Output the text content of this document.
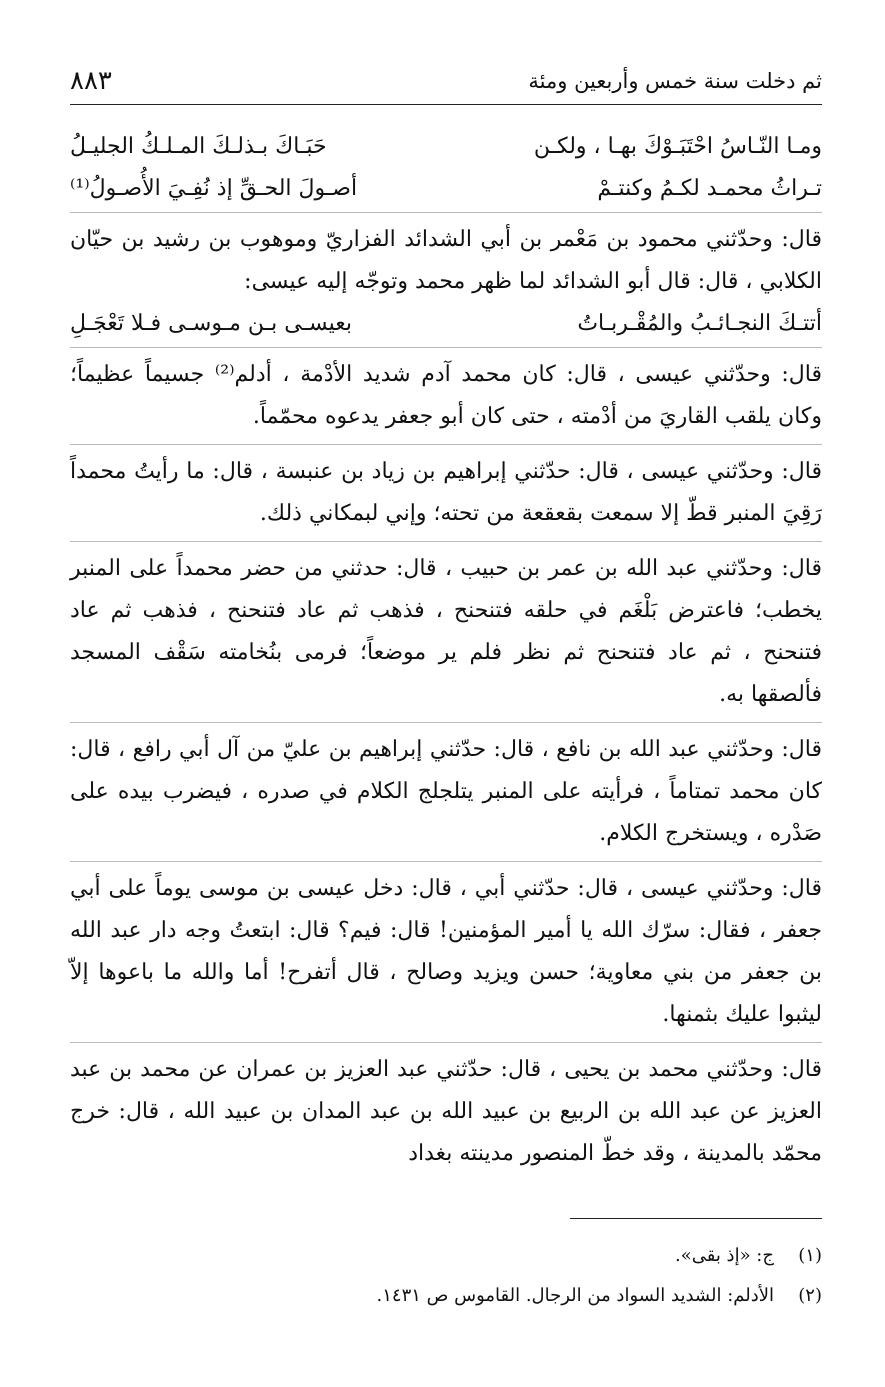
ثم دخلت سنة خمس وأربعين ومئة
٨٨٣
ومـا النّـاسُ احْتَبَـوْكَ بهـا ، ولكـن
حَبَـاكَ بـذلـكَ المـلـكُ الجليـلُ
تـراثُ محمـد لكـمُ وكنتـمْ
أصـولَ الحـقِّ إذ نُفِـيَ الأُصـولُ⁽¹⁾

قال: وحدّثني محمود بن مَعْمر بن أبي الشدائد الفزاريّ وموهوب بن رشيد بن حيّان الكلابي ، قال: قال أبو الشدائد لما ظهر محمد وتوجّه إليه عيسى:

أتتـكَ النجـائـبُ والمُقْـربـاتُ
بعيسـى بـن مـوسـى فـلا تَعْجَـلِ

قال: وحدّثني عيسى ، قال: كان محمد آدم شديد الأدْمة ، أدلم⁽²⁾ جسيماً عظيماً؛ وكان يلقب القاريَ من أدْمته ، حتى كان أبو جعفر يدعوه محمّماً.

قال: وحدّثني عيسى ، قال: حدّثني إبراهيم بن زياد بن عنبسة ، قال: ما رأيتُ محمداً رَقِيَ المنبر قطّ إلا سمعت بقعقعة من تحته؛ وإني لبمكاني ذلك.

قال: وحدّثني عبد الله بن عمر بن حبيب ، قال: حدثني من حضر محمداً على المنبر يخطب؛ فاعترض بَلْغَم في حلقه فتنحنح ، فذهب ثم عاد فتنحنح ، فذهب ثم عاد فتنحنح ، ثم عاد فتنحنح ثم نظر فلم ير موضعاً؛ فرمى بنُخامته سَقْف المسجد فألصقها به.

قال: وحدّثني عبد الله بن نافع ، قال: حدّثني إبراهيم بن عليّ من آل أبي رافع ، قال: كان محمد تمتاماً ، فرأيته على المنبر يتلجلج الكلام في صدره ، فيضرب بيده على صَدْره ، ويستخرج الكلام.

قال: وحدّثني عيسى ، قال: حدّثني أبي ، قال: دخل عيسى بن موسى يوماً على أبي جعفر ، فقال: سرّك الله يا أمير المؤمنين! قال: فيم؟ قال: ابتعتُ وجه دار عبد الله بن جعفر من بني معاوية؛ حسن ويزيد وصالح ، قال أتفرح! أما والله ما باعوها إلاّ ليثبوا عليك بثمنها.

قال: وحدّثني محمد بن يحيى ، قال: حدّثني عبد العزيز بن عمران عن محمد بن عبد العزيز عن عبد الله بن الربيع بن عبيد الله بن عبد المدان بن عبيد الله ، قال: خرج محمّد بالمدينة ، وقد خطّ المنصور مدينته بغداد

(١)
ج: «إذ بقى».
(٢)
الأدلم: الشديد السواد من الرجال. القاموس ص ١٤٣١.
